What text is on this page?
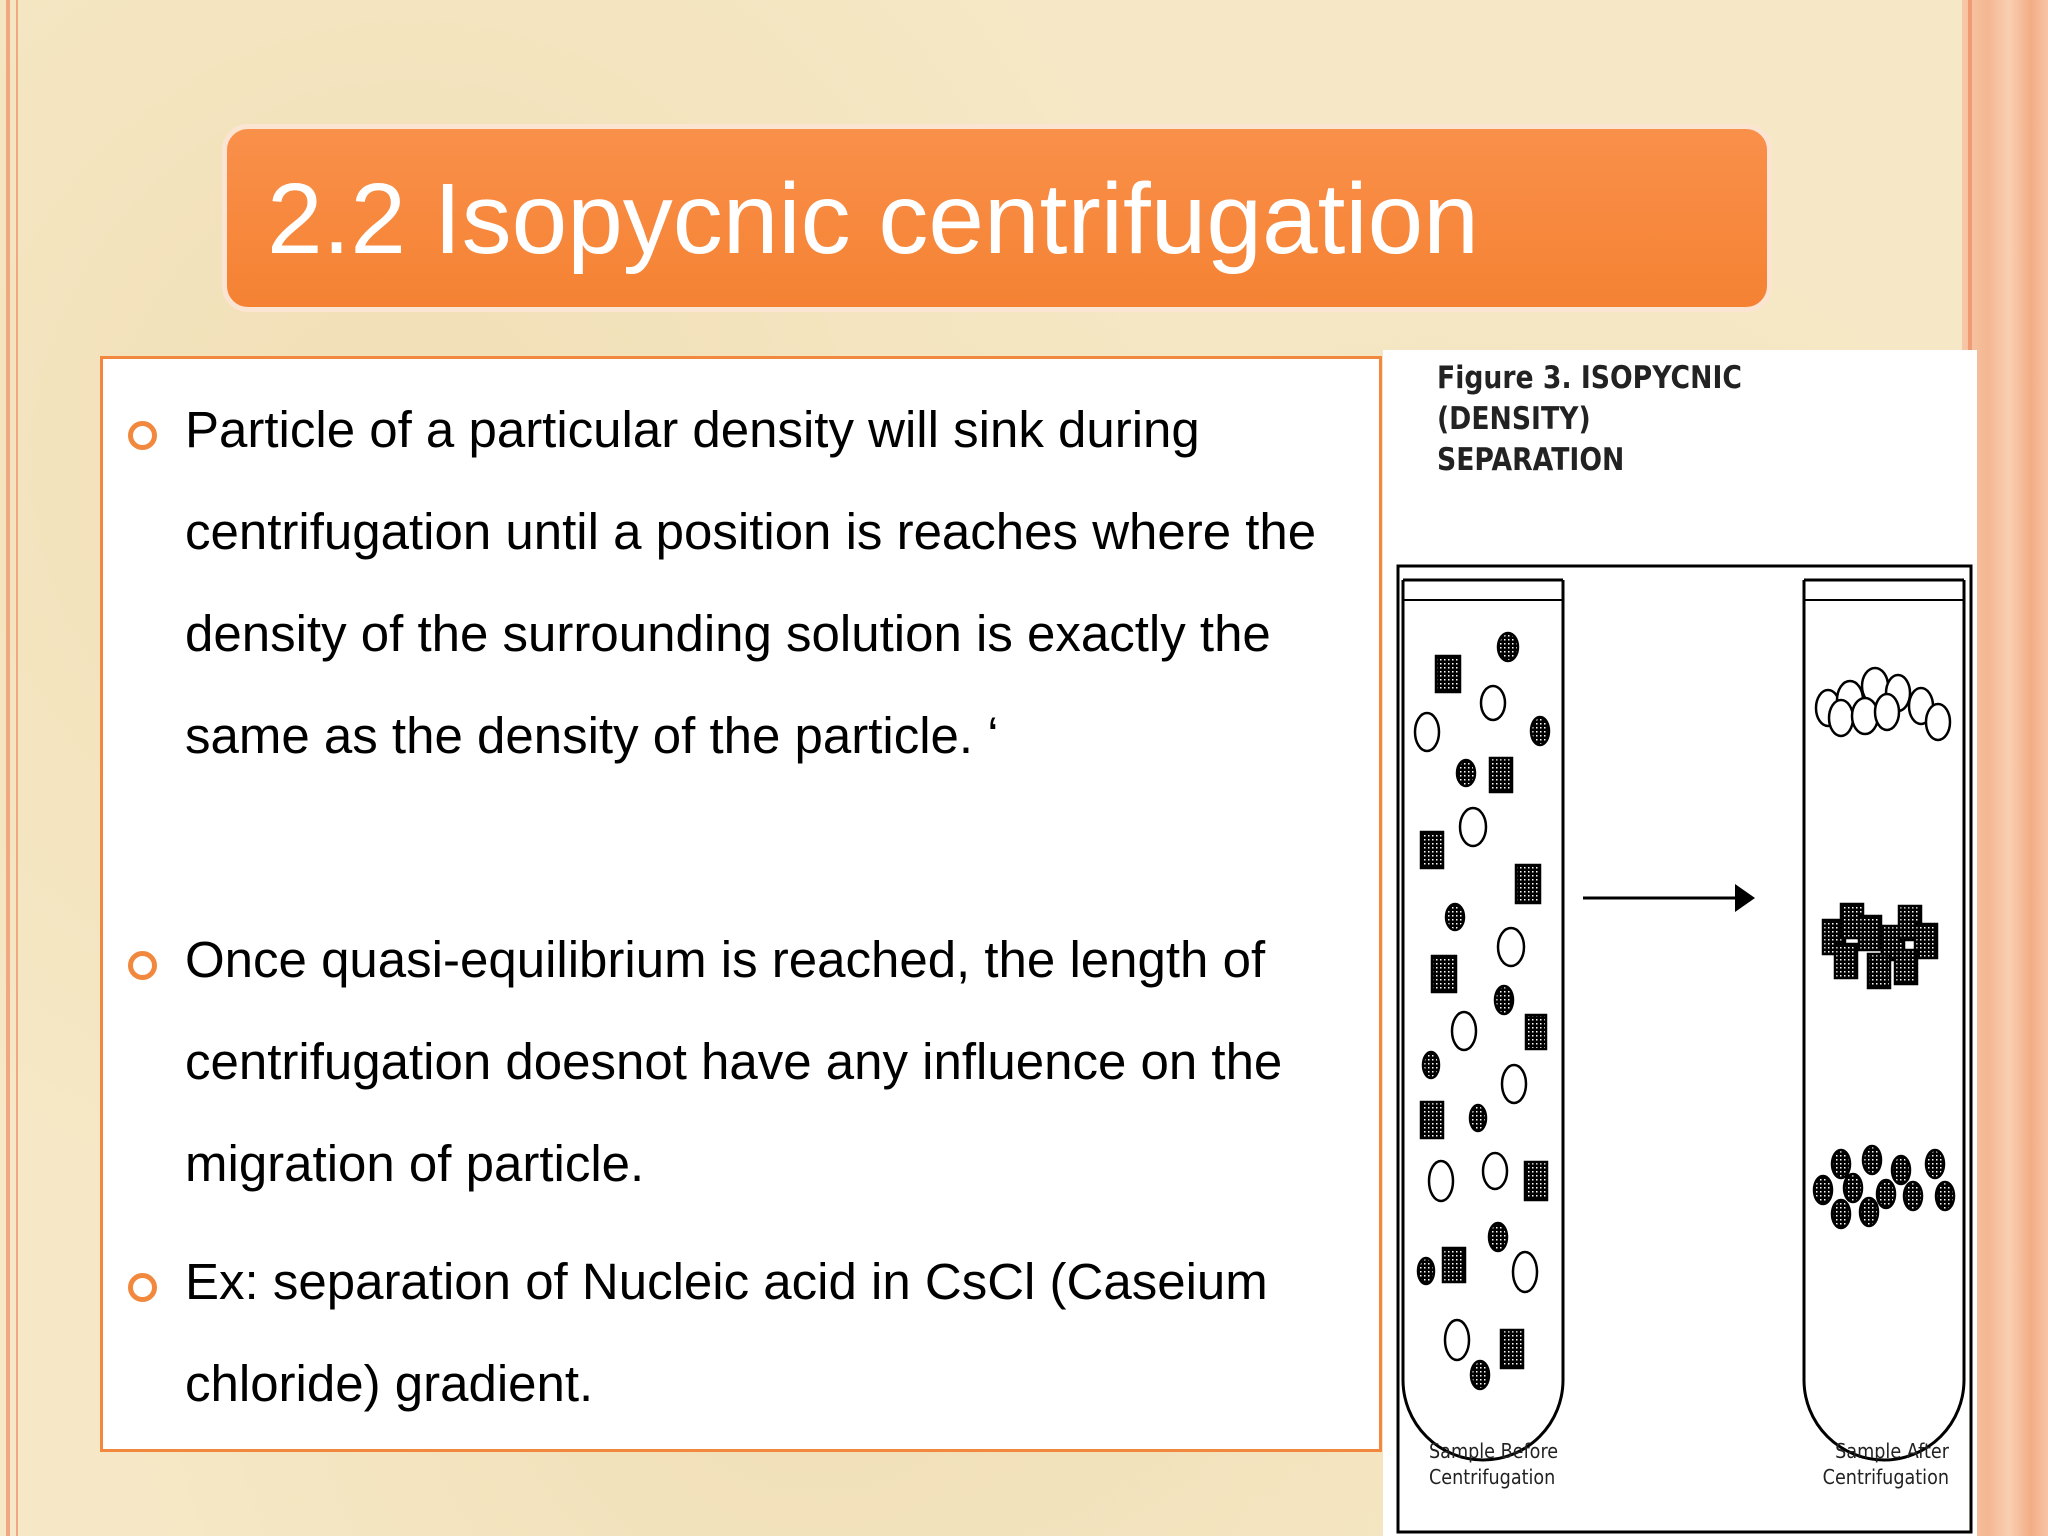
2.2 Isopycnic centrifugation
Particle of a particular density will sink during centrifugation until a position is reaches where the density of the surrounding solution is exactly the same as the density of the particle. ‘
Once quasi-equilibrium is reached, the length of centrifugation doesnot have any influence on the migration of particle.
Ex: separation of Nucleic acid in CsCl (Caseium chloride) gradient.
Figure 3. ISOPYCNIC (DENSITY)
SEPARATION
Sample Before
Centrifugation
Sample After
Centrifugation
